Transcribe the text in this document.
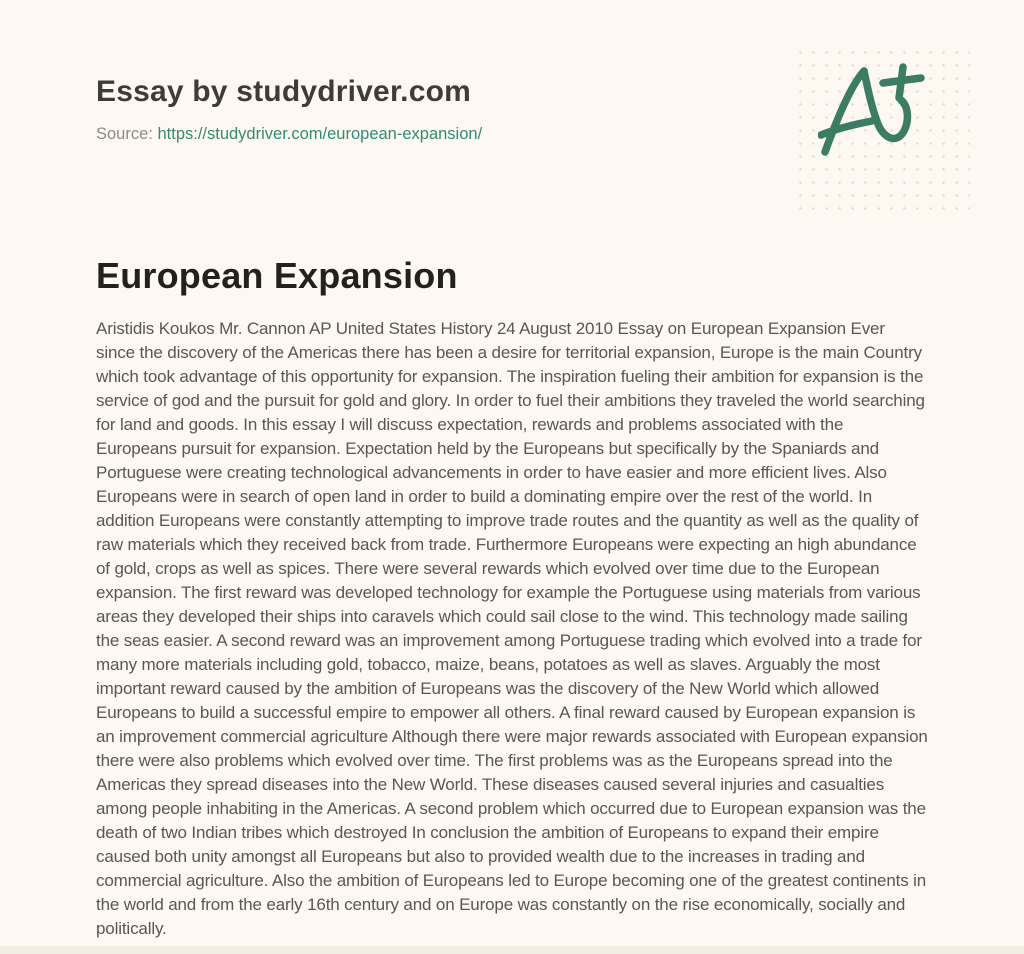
Essay by studydriver.com
Source: https://studydriver.com/european-expansion/
European Expansion

Aristidis Koukos Mr. Cannon AP United States History 24 August 2010 Essay on European Expansion Ever since the discovery of the Americas there has been a desire for territorial expansion, Europe is the main Country which took advantage of this opportunity for expansion. The inspiration fueling their ambition for expansion is the service of god and the pursuit for gold and glory. In order to fuel their ambitions they traveled the world searching for land and goods. In this essay I will discuss expectation, rewards and problems associated with the Europeans pursuit for expansion. Expectation held by the Europeans but specifically by the Spaniards and Portuguese were creating technological advancements in order to have easier and more efficient lives. Also Europeans were in search of open land in order to build a dominating empire over the rest of the world. In addition Europeans were constantly attempting to improve trade routes and the quantity as well as the quality of raw materials which they received back from trade. Furthermore Europeans were expecting an high abundance of gold, crops as well as spices. There were several rewards which evolved over time due to the European expansion. The first reward was developed technology for example the Portuguese using materials from various areas they developed their ships into caravels which could sail close to the wind. This technology made sailing the seas easier. A second reward was an improvement among Portuguese trading which evolved into a trade for many more materials including gold, tobacco, maize, beans, potatoes as well as slaves. Arguably the most important reward caused by the ambition of Europeans was the discovery of the New World which allowed Europeans to build a successful empire to empower all others. A final reward caused by European expansion is an improvement commercial agriculture Although there were major rewards associated with European expansion there were also problems which evolved over time. The first problems was as the Europeans spread into the Americas they spread diseases into the New World. These diseases caused several injuries and casualties among people inhabiting in the Americas. A second problem which occurred due to European expansion was the death of two Indian tribes which destroyed In conclusion the ambition of Europeans to expand their empire caused both unity amongst all Europeans but also to provided wealth due to the increases in trading and commercial agriculture. Also the ambition of Europeans led to Europe becoming one of the greatest continents in the world and from the early 16th century and on Europe was constantly on the rise economically, socially and politically.
